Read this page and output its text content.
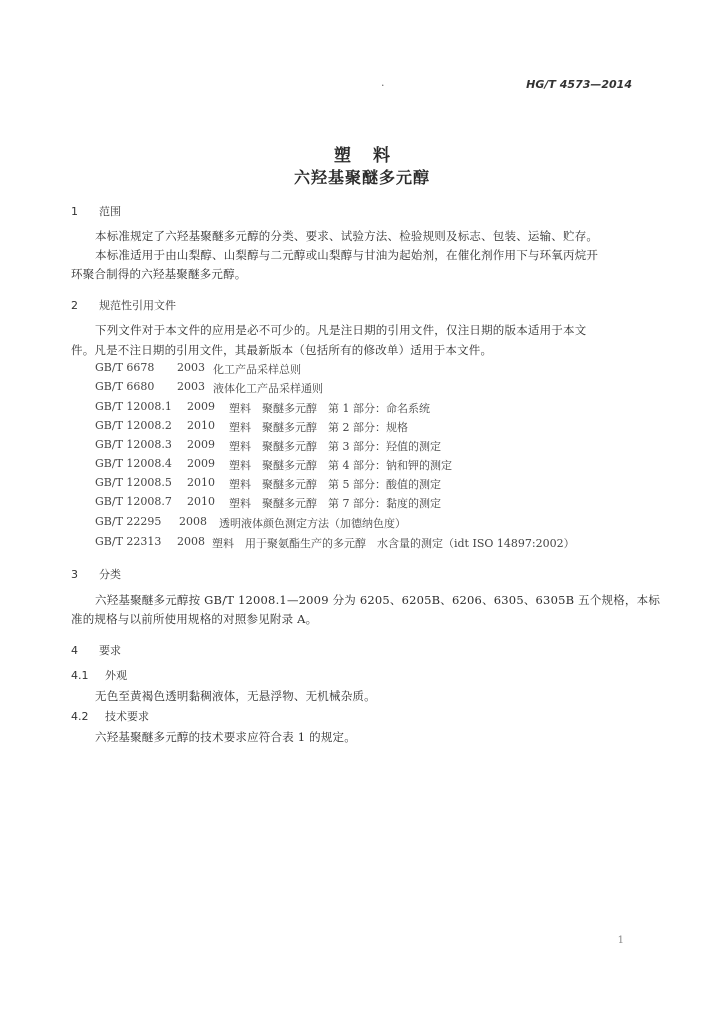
·	HG/T 4573—2014
塑料
六羟基聚醚多元醇
1 范围
本标准规定了六羟基聚醚多元醇的分类、要求、试验方法、检验规则及标志、包装、运输、贮存。
本标准适用于由山梨醇、山梨醇与二元醇或山梨醇与甘油为起始剂，在催化剂作用下与环氧丙烷开
环聚合制得的六羟基聚醚多元醇。
2 规范性引用文件
下列文件对于本文件的应用是必不可少的。凡是注日期的引用文件，仅注日期的版本适用于本文
件。凡是不注日期的引用文件，其最新版本（包括所有的修改单）适用于本文件。
GB/T 6678 2003 化工产品采样总则
GB/T 6680 2003 液体化工产品采样通则
GB/T 12008.1 2009 塑料　聚醚多元醇　第 1 部分：命名系统
GB/T 12008.2 2010 塑料　聚醚多元醇　第 2 部分：规格
GB/T 12008.3 2009 塑料　聚醚多元醇　第 3 部分：羟值的测定
GB/T 12008.4 2009 塑料　聚醚多元醇　第 4 部分：钠和钾的测定
GB/T 12008.5 2010 塑料　聚醚多元醇　第 5 部分：酸值的测定
GB/T 12008.7 2010 塑料　聚醚多元醇　第 7 部分：黏度的测定
GB/T 22295 2008 透明液体颜色测定方法（加德纳色度）
GB/T 22313 2008 塑料　用于聚氨酯生产的多元醇　水含量的测定（idt ISO 14897:2002）
3 分类
六羟基聚醚多元醇按 GB/T 12008.1—2009 分为 6205、6205B、6206、6305、6305B 五个规格，本标
准的规格与以前所使用规格的对照参见附录 A。
4 要求
4.1 外观
无色至黄褐色透明黏稠液体，无悬浮物、无机械杂质。
4.2 技术要求
六羟基聚醚多元醇的技术要求应符合表 1 的规定。
1
